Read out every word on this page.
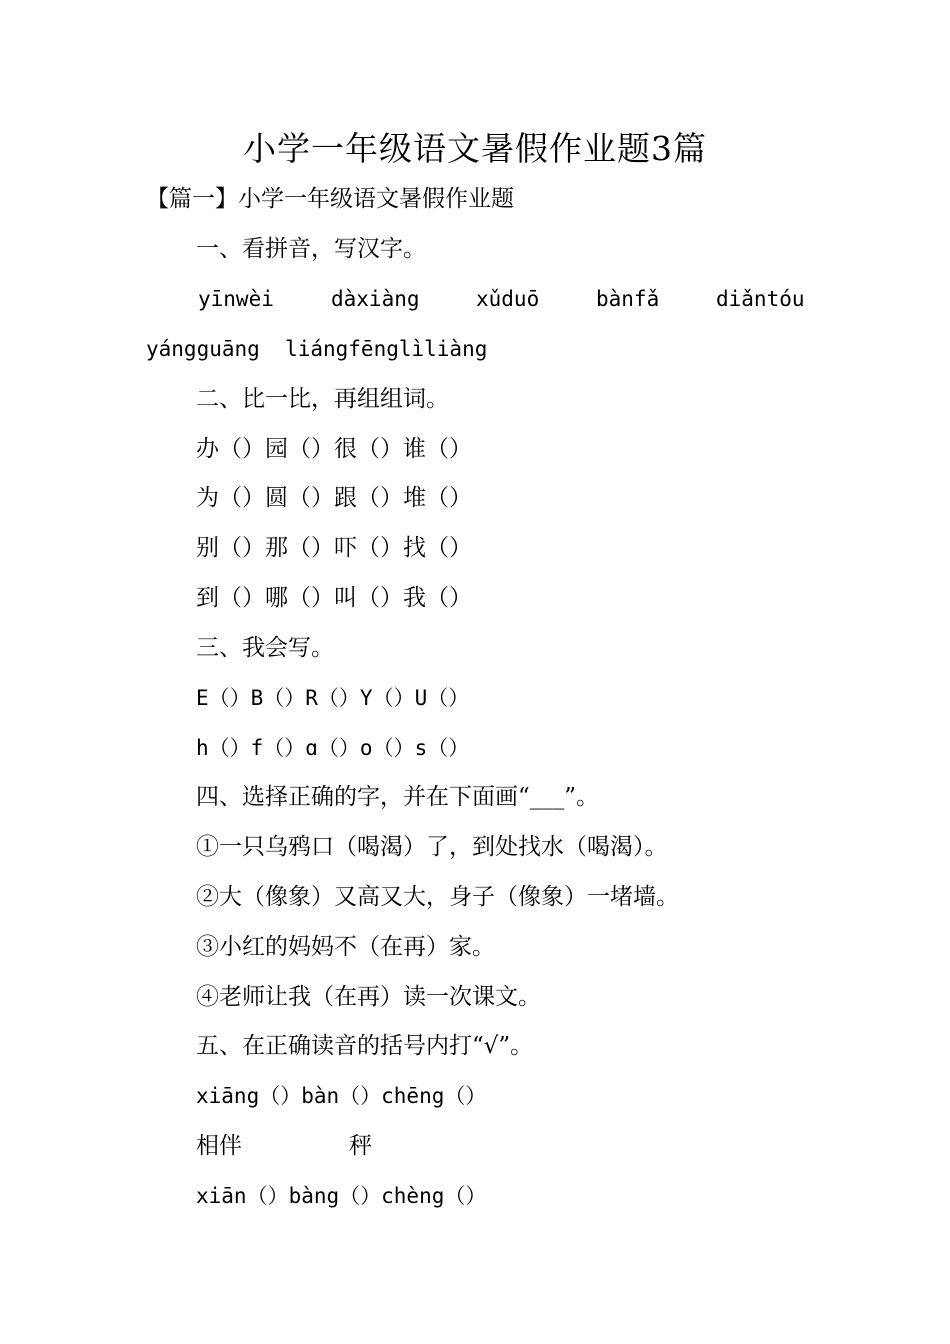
小学一年级语文暑假作业题3篇
【篇一】小学一年级语文暑假作业题
一、看拼音，写汉字。

yīnwèi

	dàxiàng

	xǔduō

	bànfǎ

	diǎntóu

yángguāng  liángfēnglìliàng
二、比一比，再组组词。
办（）园（）很（）谁（）
为（）圆（）跟（）堆（）
别（）那（）吓（）找（）
到（）哪（）叫（）我（）
三、我会写。
E（）B（）R（）Y（）U（）
h（）f（）ɑ（）o（）s（）
四、选择正确的字，并在下面画“___”。
①一只乌鸦口（喝渴）了，到处找水（喝渴）。
②大（像象）又高又大，身子（像象）一堵墙。
③小红的妈妈不（在再）家。
④老师让我（在再）读一次课文。
五、在正确读音的括号内打“√”。
xiāng（）bàn（）chēng（）
相伴	秤
xiān（）bàng（）chèng（）
